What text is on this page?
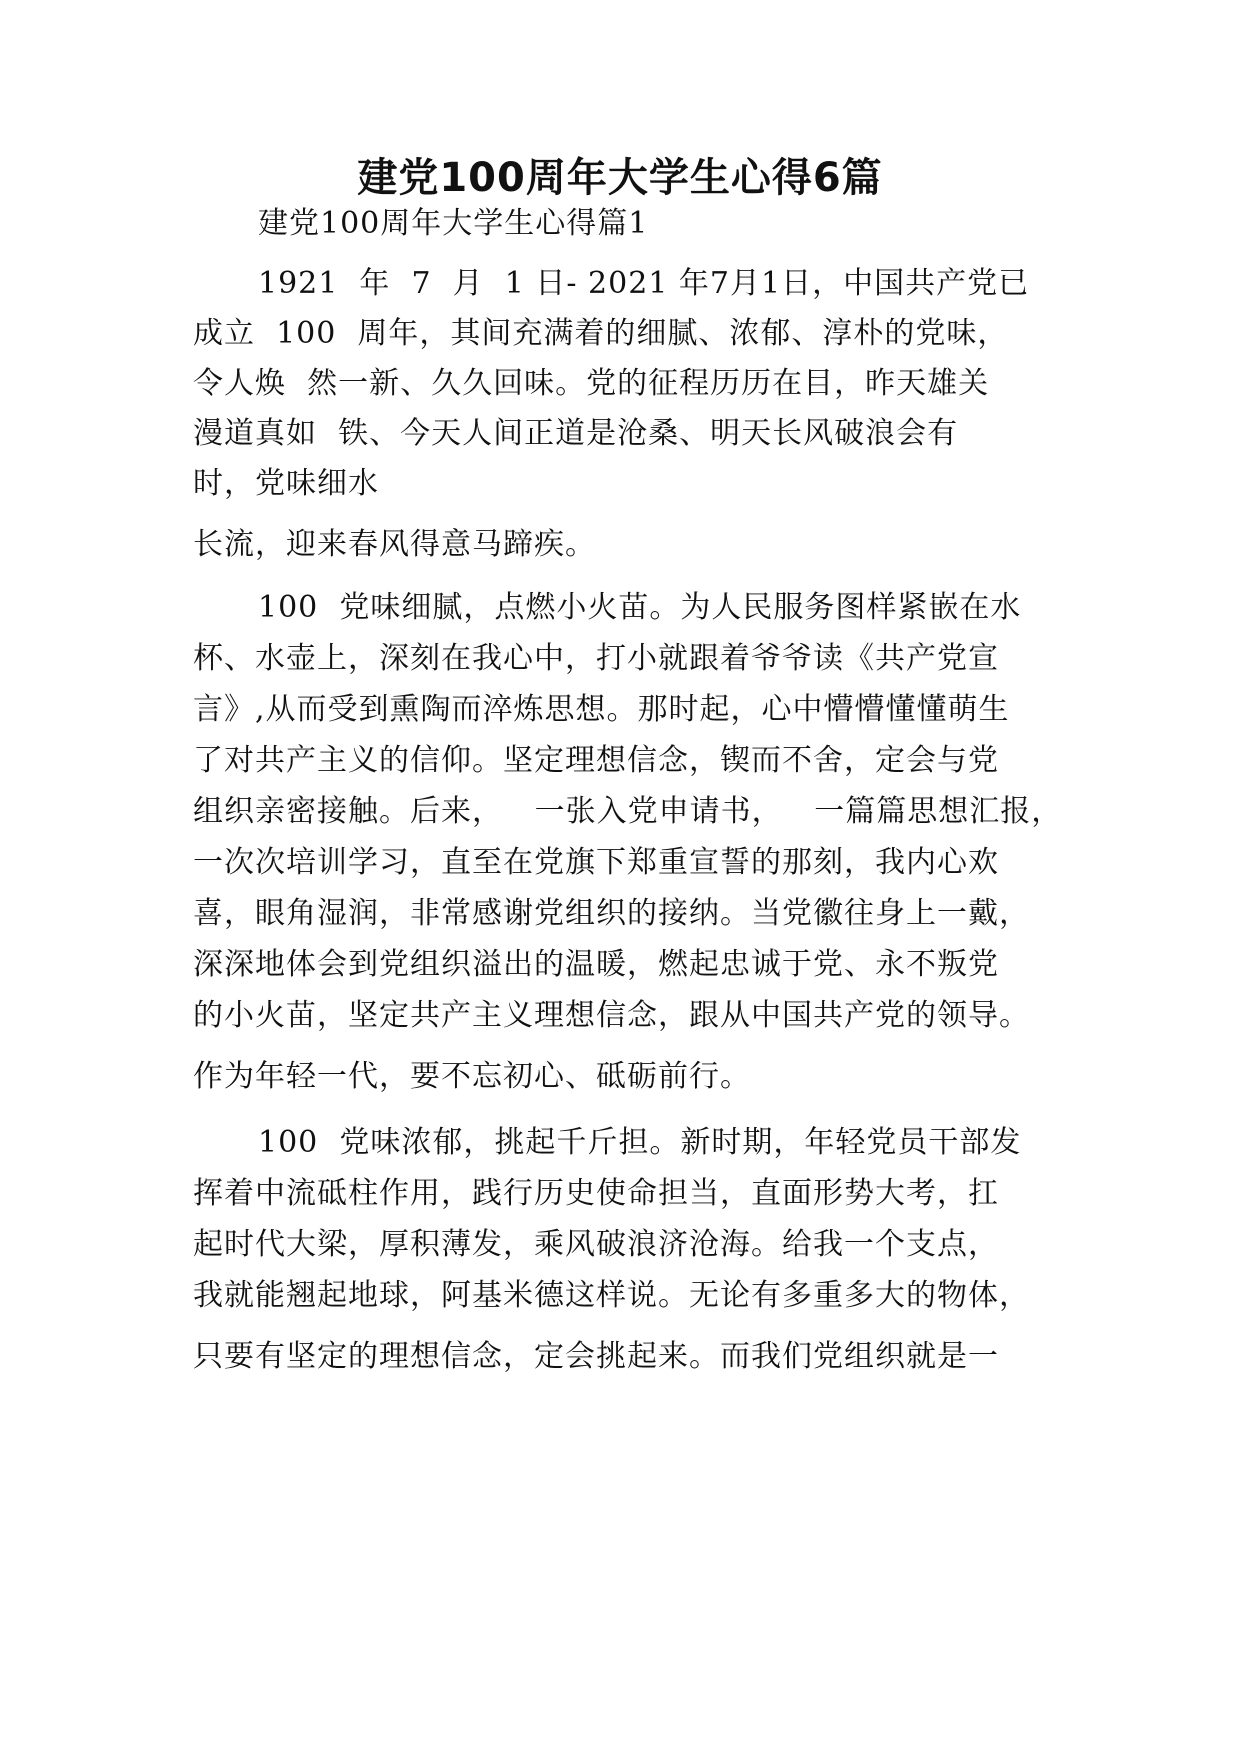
建党100周年大学生心得6篇
建党100周年大学生心得篇1
1921  年  7  月  1 日- 2021 年7月1日，中国共产党已
成立  100  周年，其间充满着的细腻、浓郁、淳朴的党味，
令人焕  然一新、久久回味。党的征程历历在目，昨天雄关
漫道真如  铁、今天人间正道是沧桑、明天长风破浪会有
时，党味细水
长流，迎来春风得意马蹄疾。
100  党味细腻，点燃小火苗。为人民服务图样紧嵌在水
杯、水壶上，深刻在我心中，打小就跟着爷爷读《共产党宣
言》,从而受到熏陶而淬炼思想。那时起，心中懵懵懂懂萌生
了对共产主义的信仰。坚定理想信念，锲而不舍，定会与党
组织亲密接触。后来，   一张入党申请书，   一篇篇思想汇报，
一次次培训学习，直至在党旗下郑重宣誓的那刻，我内心欢
喜，眼角湿润，非常感谢党组织的接纳。当党徽往身上一戴，
深深地体会到党组织溢出的温暖，燃起忠诚于党、永不叛党
的小火苗，坚定共产主义理想信念，跟从中国共产党的领导。
作为年轻一代，要不忘初心、砥砺前行。
100  党味浓郁，挑起千斤担。新时期，年轻党员干部发
挥着中流砥柱作用，践行历史使命担当，直面形势大考，扛
起时代大梁，厚积薄发，乘风破浪济沧海。给我一个支点，
我就能翘起地球，阿基米德这样说。无论有多重多大的物体，
只要有坚定的理想信念，定会挑起来。而我们党组织就是一
